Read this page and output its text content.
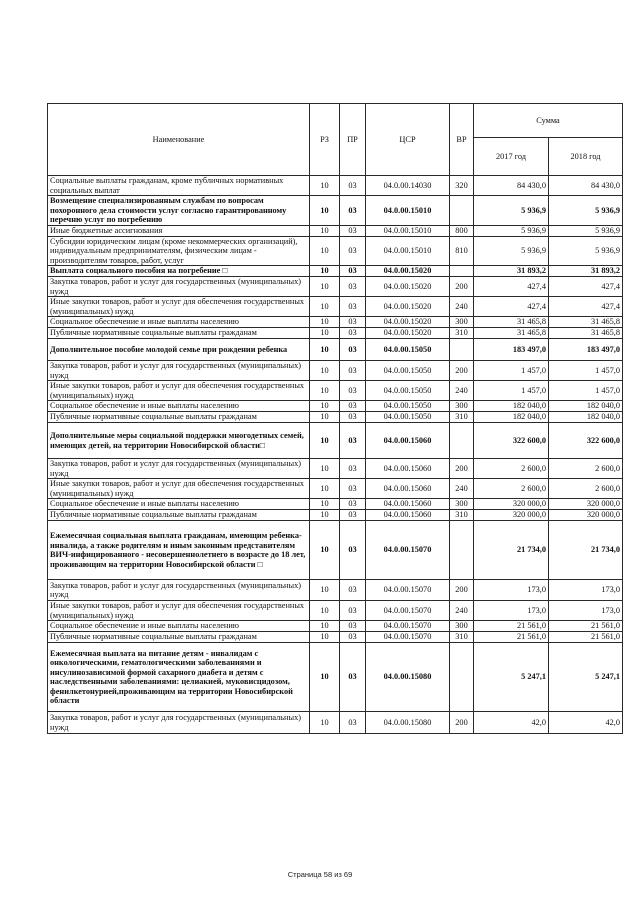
Наименование	РЗ	ПР	ЦСР	ВР	Сумма	
					2017 год	2018 год
Социальные выплаты гражданам, кроме публичных нормативных социальных выплат	10	03	04.0.00.14030	320	84 430,0	84 430,0
Возмещение специализированным службам по вопросам похоронного дела стоимости услуг согласно гарантированному перечню услуг по погребению	10	03	04.0.00.15010		5 936,9	5 936,9
Иные бюджетные ассигнования	10	03	04.0.00.15010	800	5 936,9	5 936,9
Субсидии юридическим лицам (кроме некоммерческих организаций), индивидуальным предпринимателям, физическим лицам - производителям товаров, работ, услуг	10	03	04.0.00.15010	810	5 936,9	5 936,9
Выплата социального пособия на погребение □	10	03	04.0.00.15020		31 893,2	31 893,2
Закупка товаров, работ и услуг для государственных (муниципальных) нужд	10	03	04.0.00.15020	200	427,4	427,4
Иные закупки товаров, работ и услуг для обеспечения государственных (муниципальных) нужд	10	03	04.0.00.15020	240	427,4	427,4
Социальное обеспечение и иные выплаты населению	10	03	04.0.00.15020	300	31 465,8	31 465,8
Публичные нормативные социальные выплаты гражданам	10	03	04.0.00.15020	310	31 465,8	31 465,8
Дополнительное пособие молодой семье при рождении ребенка	10	03	04.0.00.15050		183 497,0	183 497,0
Закупка товаров, работ и услуг для государственных (муниципальных) нужд	10	03	04.0.00.15050	200	1 457,0	1 457,0
Иные закупки товаров, работ и услуг для обеспечения государственных (муниципальных) нужд	10	03	04.0.00.15050	240	1 457,0	1 457,0
Социальное обеспечение и иные выплаты населению	10	03	04.0.00.15050	300	182 040,0	182 040,0
Публичные нормативные социальные выплаты гражданам	10	03	04.0.00.15050	310	182 040,0	182 040,0
Дополнительные меры социальной поддержки многодетных семей, имеющих детей, на территории Новосибирской области□	10	03	04.0.00.15060		322 600,0	322 600,0
Закупка товаров, работ и услуг для государственных (муниципальных) нужд	10	03	04.0.00.15060	200	2 600,0	2 600,0
Иные закупки товаров, работ и услуг для обеспечения государственных (муниципальных) нужд	10	03	04.0.00.15060	240	2 600,0	2 600,0
Социальное обеспечение и иные выплаты населению	10	03	04.0.00.15060	300	320 000,0	320 000,0
Публичные нормативные социальные выплаты гражданам	10	03	04.0.00.15060	310	320 000,0	320 000,0
Ежемесячная социальная выплата гражданам, имеющим ребенка-инвалида, а также родителям и иным законным представителям ВИЧ-инфицированного - несовершеннолетнего в возрасте до 18 лет, проживающим на территории Новосибирской области □	10	03	04.0.00.15070		21 734,0	21 734,0
Закупка товаров, работ и услуг для государственных (муниципальных) нужд	10	03	04.0.00.15070	200	173,0	173,0
Иные закупки товаров, работ и услуг для обеспечения государственных (муниципальных) нужд	10	03	04.0.00.15070	240	173,0	173,0
Социальное обеспечение и иные выплаты населению	10	03	04.0.00.15070	300	21 561,0	21 561,0
Публичные нормативные социальные выплаты гражданам	10	03	04.0.00.15070	310	21 561,0	21 561,0
Ежемесячная выплата на питание детям - инвалидам с онкологическими, гематологическими заболеваниями и инсулинозависимой формой сахарного диабета и детям с наследственными заболеваниями: целиакией, муковисцидозом, фенилкетонурией,проживающим на территории Новосибирской области	10	03	04.0.00.15080		5 247,1	5 247,1
Закупка товаров, работ и услуг для государственных (муниципальных) нужд	10	03	04.0.00.15080	200	42,0	42,0
Страница 58 из 69
